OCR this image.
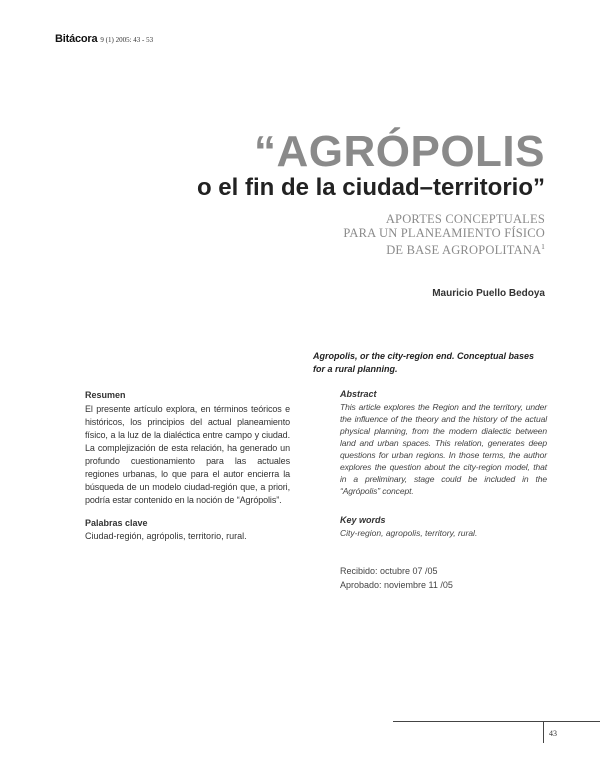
Bitácora 9 (1) 2005: 43 - 53
“AGRÓPOLIS
o el fin de la ciudad–territorio”
APORTES CONCEPTUALES
PARA UN PLANEAMIENTO FÍSICO
DE BASE AGROPOLITANA$^1$
Mauricio Puello Bedoya
Resumen
El presente artículo explora, en términos teóricos e históricos, los principios del actual planeamiento físico, a la luz de la dialéctica entre campo y ciudad. La complejización de esta relación, ha generado un profundo cuestionamiento para las actuales regiones urbanas, lo que para el autor encierra la búsqueda de un modelo ciudad-región que, a priori, podría estar contenido en la noción de “Agrópolis”.
Palabras clave
Ciudad-región, agrópolis, territorio, rural.
Agropolis, or the city-region end. Conceptual bases for a rural planning.
Abstract
This article explores the Region and the territory, under the influence of the theory and the history of the actual physical planning, from the modern dialectic between land and urban spaces. This relation, generates deep questions for urban regions. In those terms, the author explores the question about the city-region model, that in a preliminary, stage could be included in the “Agrópolis” concept.
Key words
City-region, agropolis, territory, rural.
Recibido: octubre 07 /05
Aprobado: noviembre 11 /05
43
